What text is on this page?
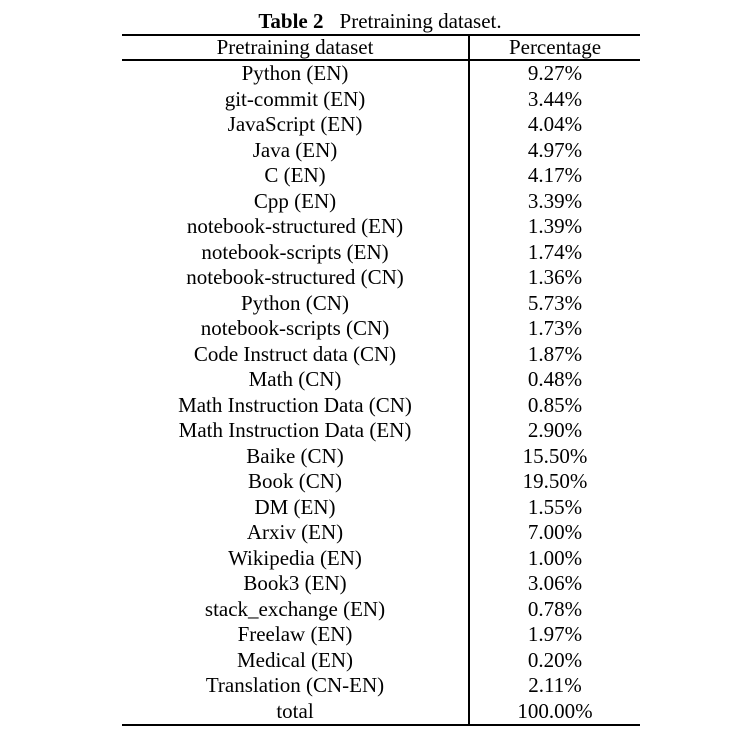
Table 2 Pretraining dataset.
Pretraining dataset	Percentage
Python (EN)	9.27%
git-commit (EN)	3.44%
JavaScript (EN)	4.04%
Java (EN)	4.97%
C (EN)	4.17%
Cpp (EN)	3.39%
notebook-structured (EN)	1.39%
notebook-scripts (EN)	1.74%
notebook-structured (CN)	1.36%
Python (CN)	5.73%
notebook-scripts (CN)	1.73%
Code Instruct data (CN)	1.87%
Math (CN)	0.48%
Math Instruction Data (CN)	0.85%
Math Instruction Data (EN)	2.90%
Baike (CN)	15.50%
Book (CN)	19.50%
DM (EN)	1.55%
Arxiv (EN)	7.00%
Wikipedia (EN)	1.00%
Book3 (EN)	3.06%
stack_exchange (EN)	0.78%
Freelaw (EN)	1.97%
Medical (EN)	0.20%
Translation (CN-EN)	2.11%
total	100.00%
